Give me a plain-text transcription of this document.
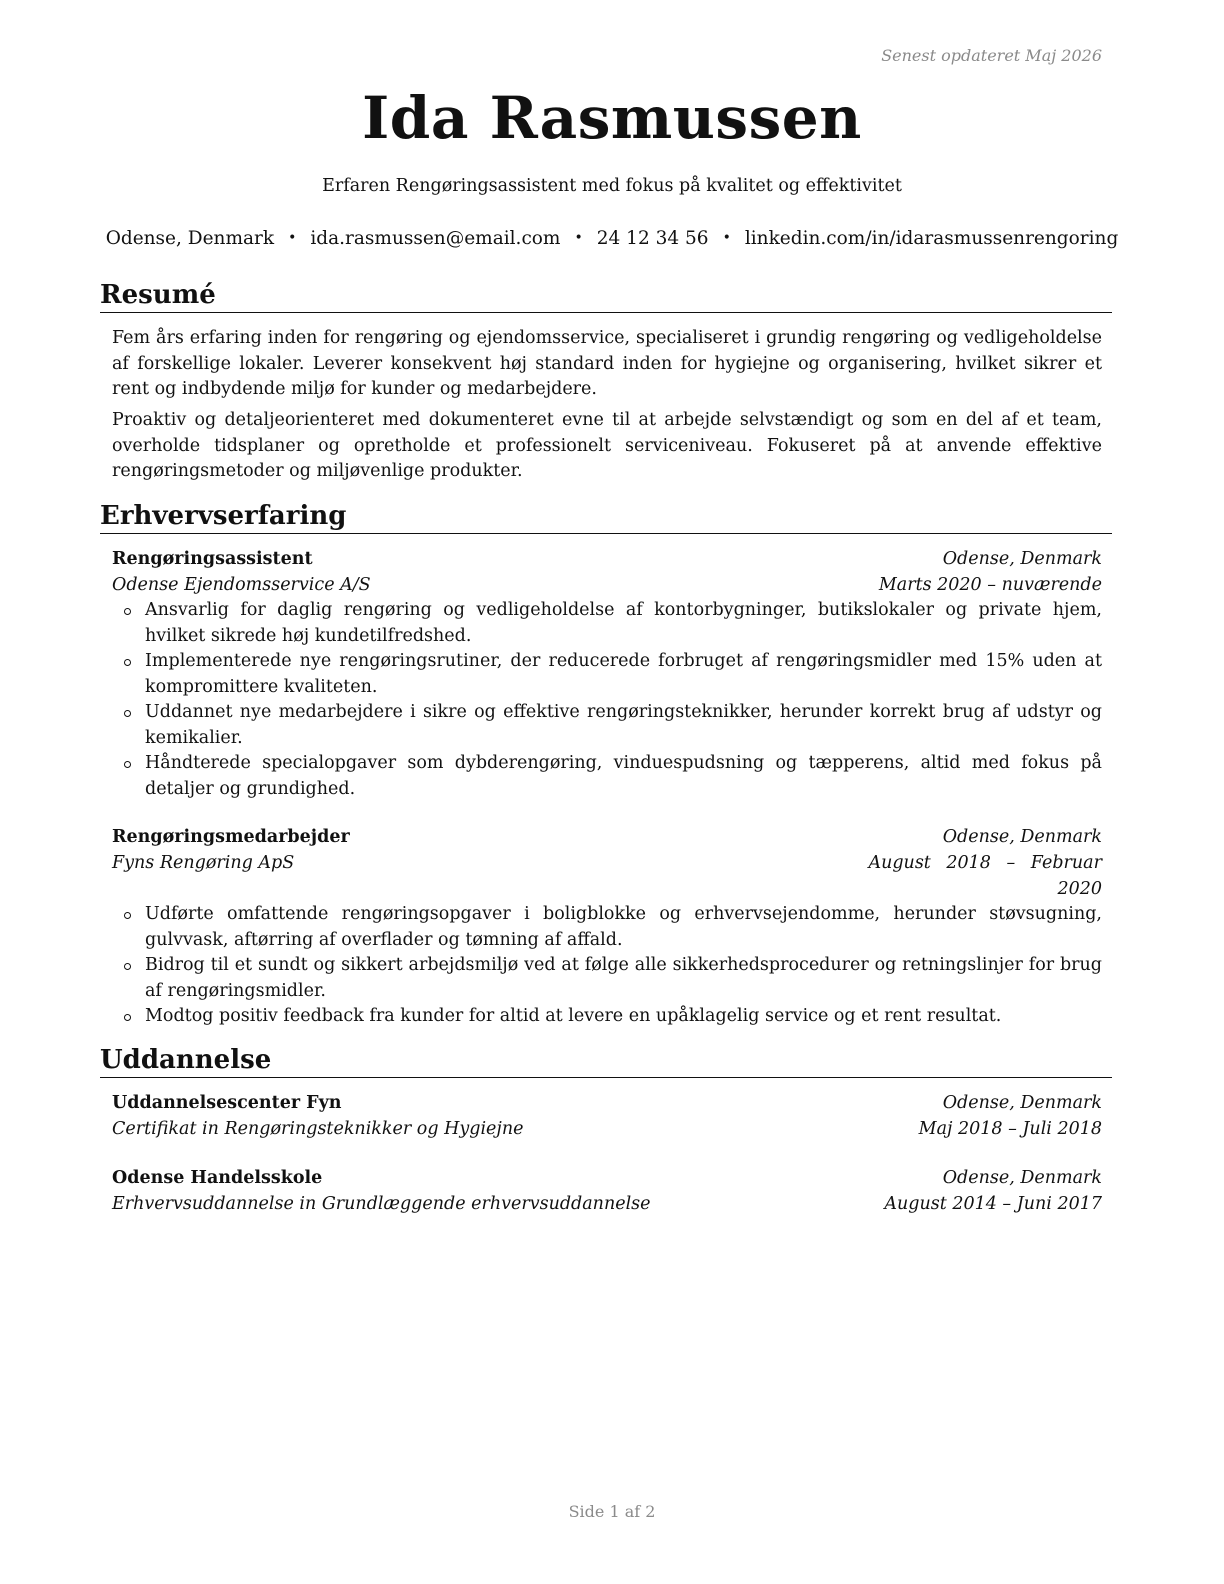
Senest opdateret Maj 2026
Ida Rasmussen
Erfaren Rengøringsassistent med fokus på kvalitet og effektivitet
Odense, Denmark • ida.rasmussen@email.com • 24 12 34 56 • linkedin.com/in/idarasmussenrengoring
Resumé
Fem års erfaring inden for rengøring og ejendomsservice, specialiseret i grundig rengøring og vedligeholdelse af forskellige lokaler. Leverer konsekvent høj standard inden for hygiejne og organisering, hvilket sikrer et rent og indbydende miljø for kunder og medarbejdere.
Proaktiv og detaljeorienteret med dokumenteret evne til at arbejde selvstændigt og som en del af et team, overholde tidsplaner og opretholde et professionelt serviceniveau. Fokuseret på at anvende effektive rengøringsmetoder og miljøvenlige produkter.
Erhvervserfaring
Rengøringsassistent	Odense, Denmark
Odense Ejendomsservice A/S	Marts 2020 – nuværende
Ansvarlig for daglig rengøring og vedligeholdelse af kontorbygninger, butikslokaler og private hjem, hvilket sikrede høj kundetilfredshed.
Implementerede nye rengøringsrutiner, der reducerede forbruget af rengøringsmidler med 15% uden at kompromittere kvaliteten.
Uddannet nye medarbejdere i sikre og effektive rengøringsteknikker, herunder korrekt brug af udstyr og kemikalier.
Håndterede specialopgaver som dybderengøring, vinduespudsning og tæpperens, altid med fokus på detaljer og grundighed.
Rengøringsmedarbejder	Odense, Denmark
Fyns Rengøring ApS	August 2018 – Februar
2020
Udførte omfattende rengøringsopgaver i boligblokke og erhvervsejendomme, herunder støvsugning, gulvvask, aftørring af overflader og tømning af affald.
Bidrog til et sundt og sikkert arbejdsmiljø ved at følge alle sikkerhedsprocedurer og retningslinjer for brug af rengøringsmidler.
Modtog positiv feedback fra kunder for altid at levere en upåklagelig service og et rent resultat.
Uddannelse
Uddannelsescenter Fyn	Odense, Denmark
Certifikat in Rengøringsteknikker og Hygiejne	Maj 2018 – Juli 2018
Odense Handelsskole	Odense, Denmark
Erhvervsuddannelse in Grundlæggende erhvervsuddannelse	August 2014 – Juni 2017
Side 1 af 2
